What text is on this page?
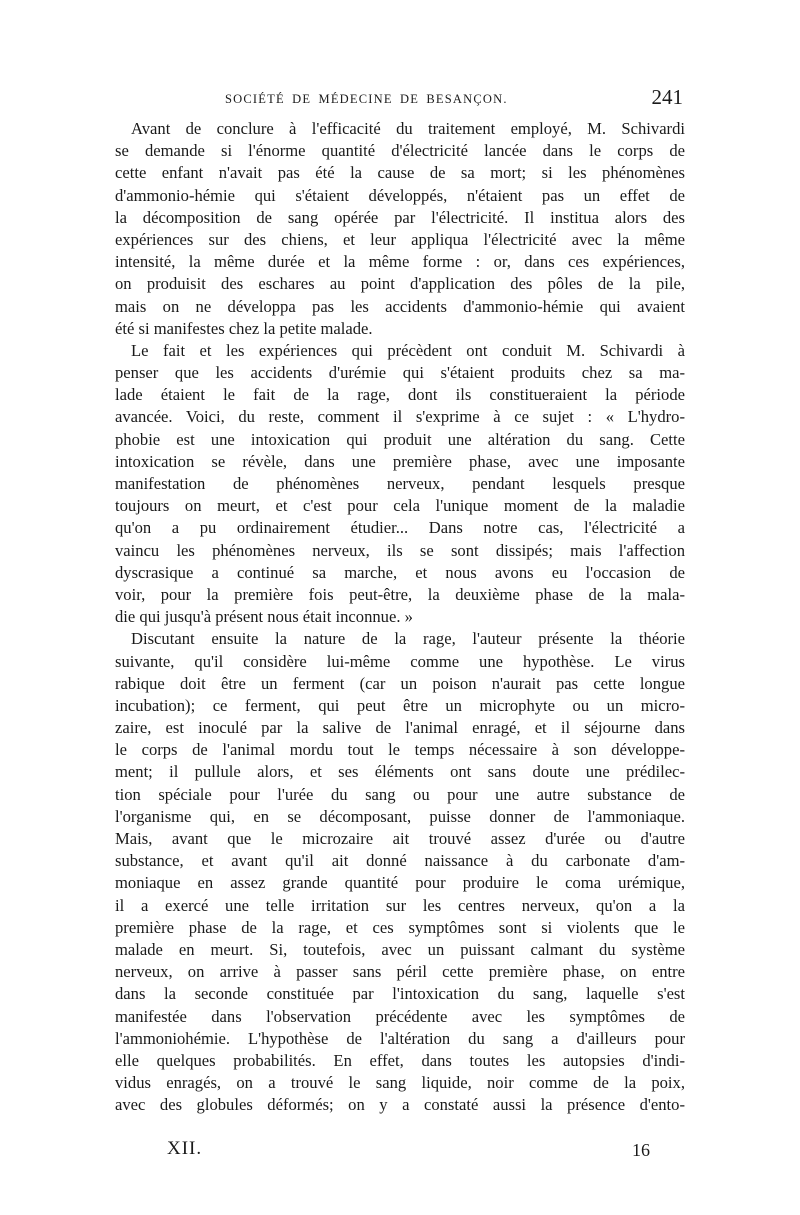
SOCIÉTÉ DE MÉDECINE DE BESANÇON.	241
Avant de conclure à l'efficacité du traitement employé, M. Schivardi
se demande si l'énorme quantité d'électricité lancée dans le corps de
cette enfant n'avait pas été la cause de sa mort; si les phénomènes
d'ammonio-hémie qui s'étaient développés, n'étaient pas un effet de
la décomposition de sang opérée par l'électricité. Il institua alors des
expériences sur des chiens, et leur appliqua l'électricité avec la même
intensité, la même durée et la même forme : or, dans ces expériences,
on produisit des eschares au point d'application des pôles de la pile,
mais on ne développa pas les accidents d'ammonio-hémie qui avaient
été si manifestes chez la petite malade.
Le fait et les expériences qui précèdent ont conduit M. Schivardi à
penser que les accidents d'urémie qui s'étaient produits chez sa ma-
lade étaient le fait de la rage, dont ils constitueraient la période
avancée. Voici, du reste, comment il s'exprime à ce sujet : « L'hydro-
phobie est une intoxication qui produit une altération du sang. Cette
intoxication se révèle, dans une première phase, avec une imposante
manifestation de phénomènes nerveux, pendant lesquels presque
toujours on meurt, et c'est pour cela l'unique moment de la maladie
qu'on a pu ordinairement étudier... Dans notre cas, l'électricité a
vaincu les phénomènes nerveux, ils se sont dissipés; mais l'affection
dyscrasique a continué sa marche, et nous avons eu l'occasion de
voir, pour la première fois peut-être, la deuxième phase de la mala-
die qui jusqu'à présent nous était inconnue. »
Discutant ensuite la nature de la rage, l'auteur présente la théorie
suivante, qu'il considère lui-même comme une hypothèse. Le virus
rabique doit être un ferment (car un poison n'aurait pas cette longue
incubation); ce ferment, qui peut être un microphyte ou un micro-
zaire, est inoculé par la salive de l'animal enragé, et il séjourne dans
le corps de l'animal mordu tout le temps nécessaire à son développe-
ment; il pullule alors, et ses éléments ont sans doute une prédilec-
tion spéciale pour l'urée du sang ou pour une autre substance de
l'organisme qui, en se décomposant, puisse donner de l'ammoniaque.
Mais, avant que le microzaire ait trouvé assez d'urée ou d'autre
substance, et avant qu'il ait donné naissance à du carbonate d'am-
moniaque en assez grande quantité pour produire le coma urémique,
il a exercé une telle irritation sur les centres nerveux, qu'on a la
première phase de la rage, et ces symptômes sont si violents que le
malade en meurt. Si, toutefois, avec un puissant calmant du système
nerveux, on arrive à passer sans péril cette première phase, on entre
dans la seconde constituée par l'intoxication du sang, laquelle s'est
manifestée dans l'observation précédente avec les symptômes de
l'ammoniohémie. L'hypothèse de l'altération du sang a d'ailleurs pour
elle quelques probabilités. En effet, dans toutes les autopsies d'indi-
vidus enragés, on a trouvé le sang liquide, noir comme de la poix,
avec des globules déformés; on y a constaté aussi la présence d'ento-
XII.	16
